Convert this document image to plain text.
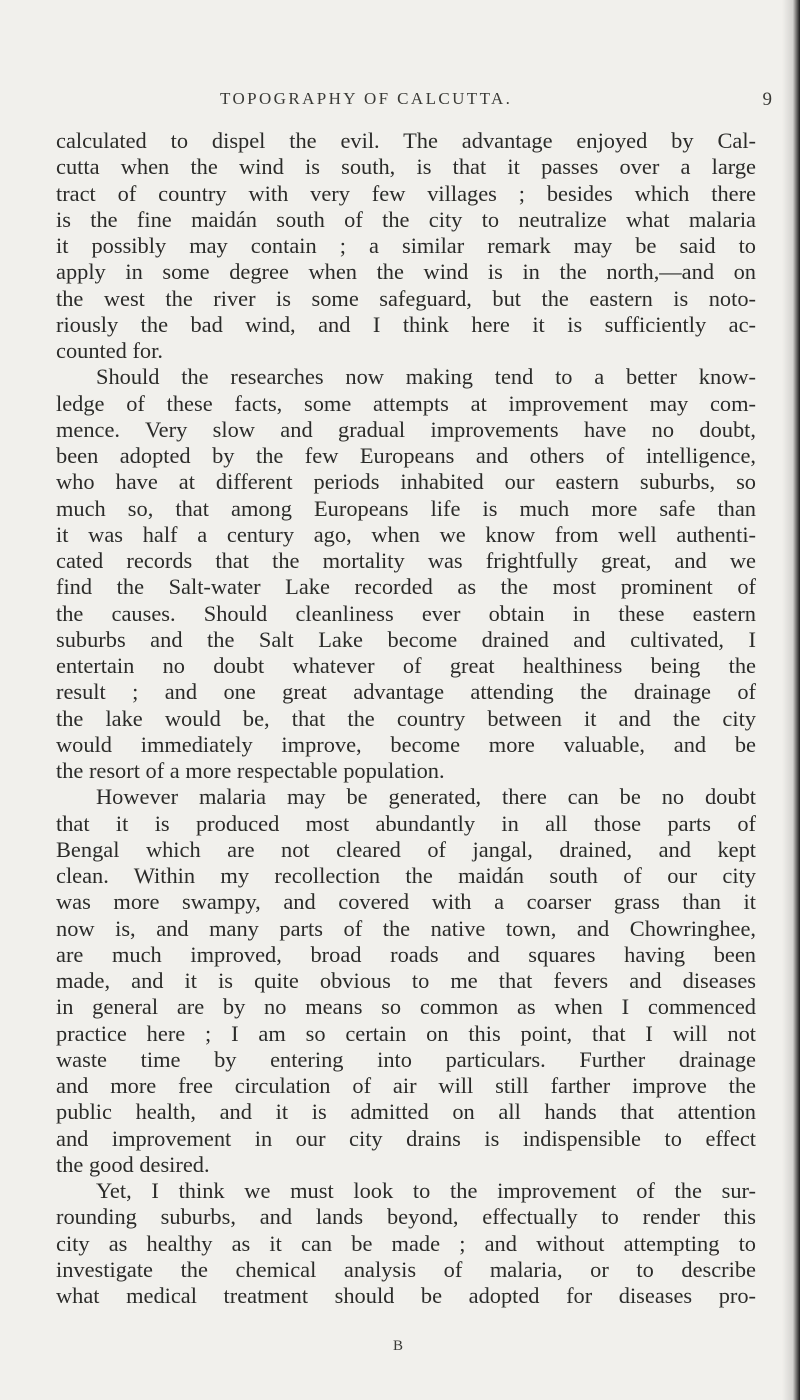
TOPOGRAPHY OF CALCUTTA.	9

calculated to dispel the evil. The advantage enjoyed by Cal-

cutta when the wind is south, is that it passes over a large

tract of country with very few villages ; besides which there

is the fine maidán south of the city to neutralize what malaria

it possibly may contain ; a similar remark may be said to

apply in some degree when the wind is in the north,—and on

the west the river is some safeguard, but the eastern is noto-

riously the bad wind, and I think here it is sufficiently ac-

counted for.

Should the researches now making tend to a better know-

ledge of these facts, some attempts at improvement may com-

mence. Very slow and gradual improvements have no doubt,

been adopted by the few Europeans and others of intelligence,

who have at different periods inhabited our eastern suburbs, so

much so, that among Europeans life is much more safe than

it was half a century ago, when we know from well authenti-

cated records that the mortality was frightfully great, and we

find the Salt-water Lake recorded as the most prominent of

the causes. Should cleanliness ever obtain in these eastern

suburbs and the Salt Lake become drained and cultivated, I

entertain no doubt whatever of great healthiness being the

result ; and one great advantage attending the drainage of

the lake would be, that the country between it and the city

would immediately improve, become more valuable, and be

the resort of a more respectable population.

However malaria may be generated, there can be no doubt

that it is produced most abundantly in all those parts of

Bengal which are not cleared of jangal, drained, and kept

clean. Within my recollection the maidán south of our city

was more swampy, and covered with a coarser grass than it

now is, and many parts of the native town, and Chowringhee,

are much improved, broad roads and squares having been

made, and it is quite obvious to me that fevers and diseases

in general are by no means so common as when I commenced

practice here ; I am so certain on this point, that I will not

waste time by entering into particulars. Further drainage

and more free circulation of air will still farther improve the

public health, and it is admitted on all hands that attention

and improvement in our city drains is indispensible to effect

the good desired.

Yet, I think we must look to the improvement of the sur-

rounding suburbs, and lands beyond, effectually to render this

city as healthy as it can be made ; and without attempting to

investigate the chemical analysis of malaria, or to describe

what medical treatment should be adopted for diseases pro-

B
